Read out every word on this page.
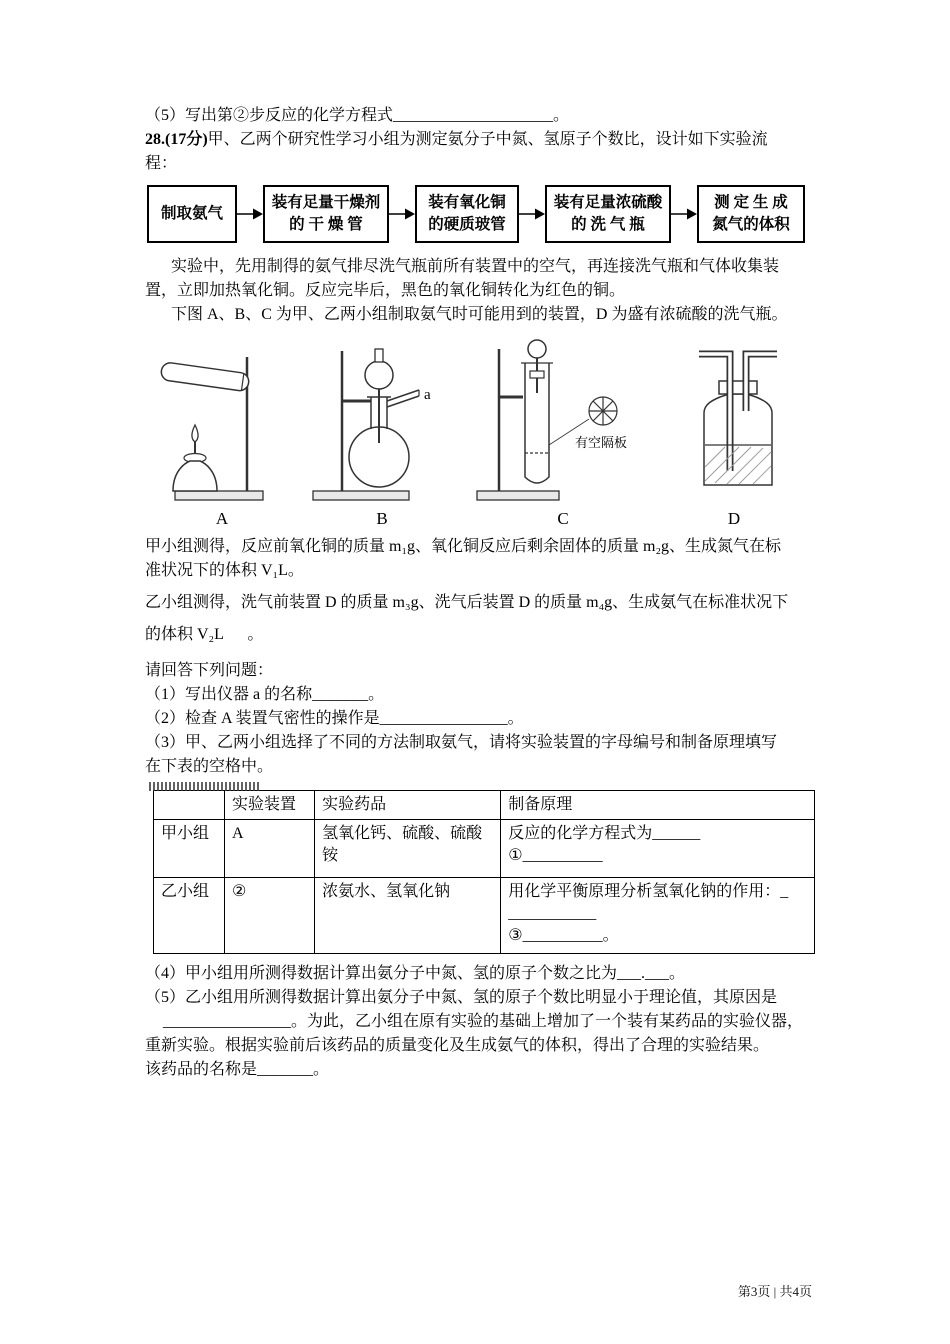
（5）写出第②步反应的化学方程式____________________。
28.(17分)甲、乙两个研究性学习小组为测定氨分子中氮、氢原子个数比，设计如下实验流
程：
制取氨气
装有足量干燥剂
的 干 燥 管
装有氧化铜
的硬质玻管
装有足量浓硫酸
的 洗 气 瓶
测 定 生 成
氮气的体积
实验中，先用制得的氨气排尽洗气瓶前所有装置中的空气，再连接洗气瓶和气体收集装
置，立即加热氧化铜。反应完毕后，黑色的氧化铜转化为红色的铜。
下图 A、B、C 为甲、乙两小组制取氨气时可能用到的装置，D 为盛有浓硫酸的洗气瓶。
A
a
B
有空隔板
C	D
甲小组测得，反应前氧化铜的质量 m₁g、氧化铜反应后剩余固体的质量 m₂g、生成氮气在标
准状况下的体积 V₁L。
乙小组测得，洗气前装置 D 的质量 m₃g、洗气后装置 D 的质量 m₄g、生成氨气在标准状况下
的体积 V₂L      。
请回答下列问题：
（1）写出仪器 a 的名称_______。
（2）检查 A 装置气密性的操作是________________。
（3）甲、乙两小组选择了不同的方法制取氨气，请将实验装置的字母编号和制备原理填写
在下表的空格中。
	实验装置	实验药品	制备原理
甲小组	A	氢氧化钙、硫酸、硫酸铵	反应的化学方程式为______
①__________

乙小组	②	浓氨水、氢氧化钠	用化学平衡原理分析氢氧化钠的作用：_
___________
③__________。
（4）甲小组用所测得数据计算出氨分子中氮、氢的原子个数之比为___.___。
（5）乙小组用所测得数据计算出氨分子中氮、氢的原子个数比明显小于理论值，其原因是
________________。为此，乙小组在原有实验的基础上增加了一个装有某药品的实验仪器，
重新实验。根据实验前后该药品的质量变化及生成氨气的体积，得出了合理的实验结果。
该药品的名称是_______。
第3页 | 共4页
